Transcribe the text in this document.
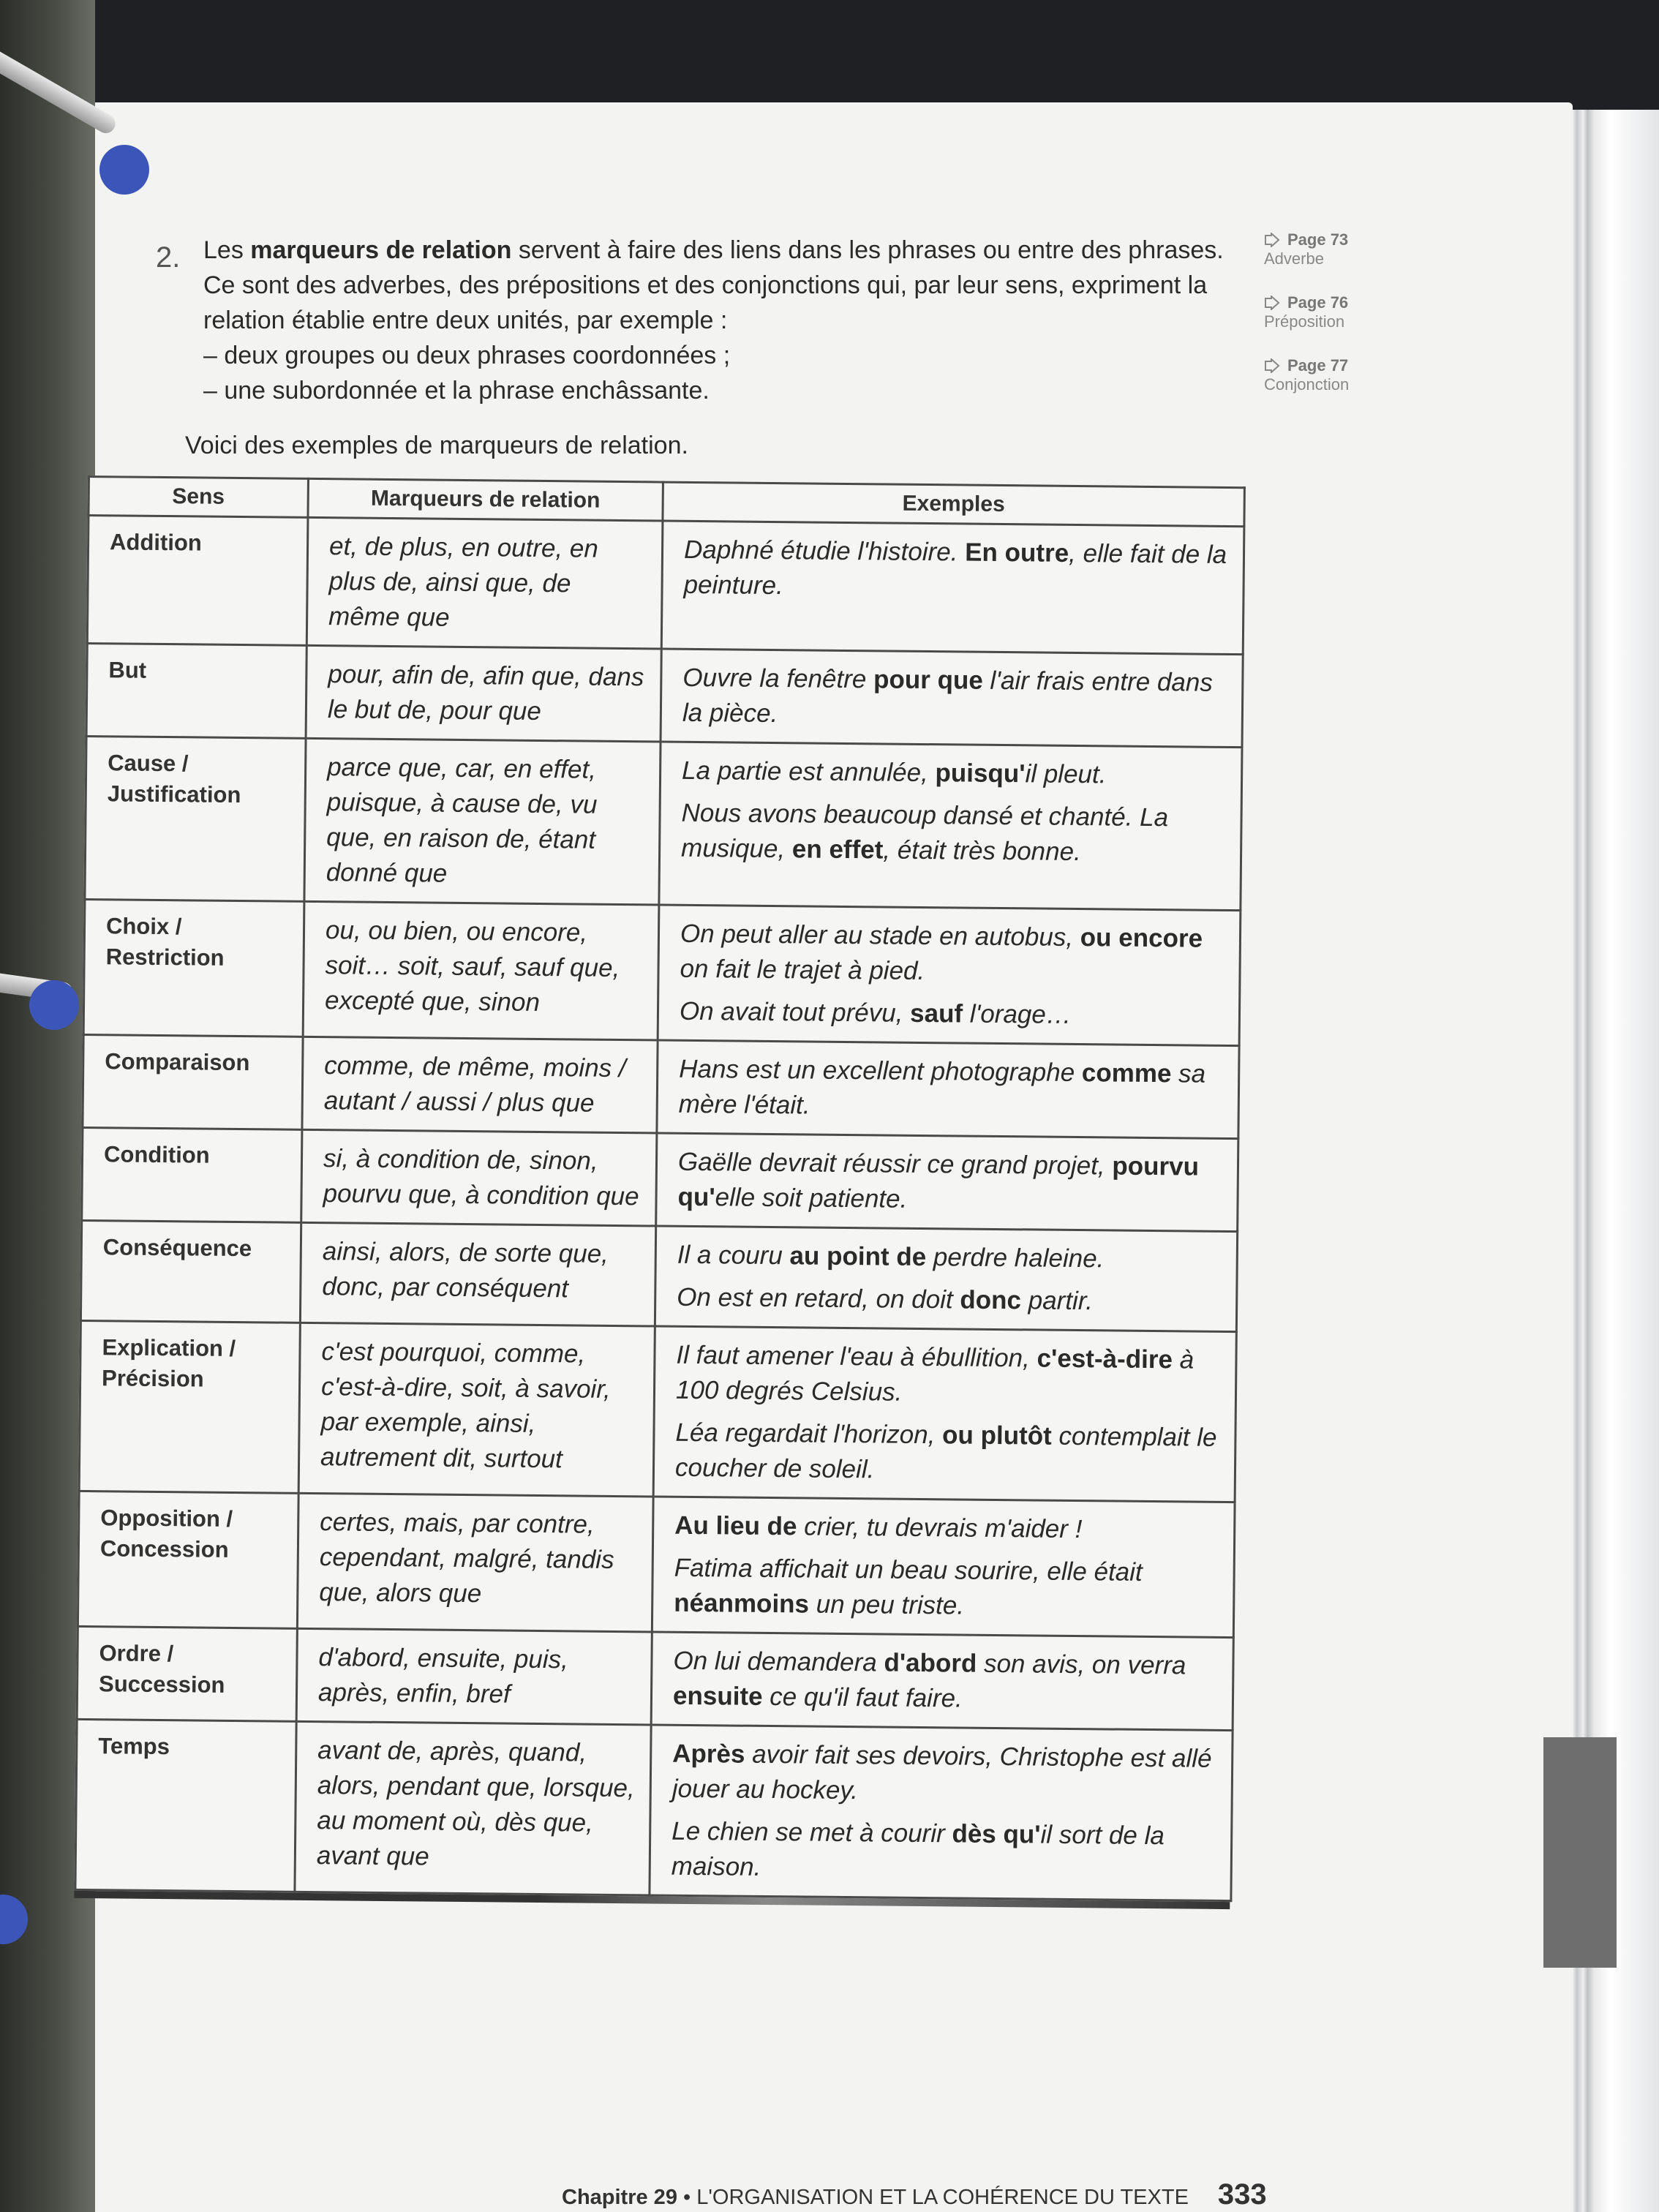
2. Les marqueurs de relation servent à faire des liens dans les phrases ou entre des phrases. Ce sont des adverbes, des prépositions et des conjonctions qui, par leur sens, expriment la relation établie entre deux unités, par exemple :

– deux groupes ou deux phrases coordonnées ;

– une subordonnée et la phrase enchâssante.

Voici des exemples de marqueurs de relation.
Page 73
Adverbe
Page 76
Préposition
Page 77
Conjonction
Sens	Marqueurs de relation	Exemples
Addition	et, de plus, en outre, en plus de, ainsi que, de même que	Daphné étudie l'histoire. En outre, elle fait de la peinture.

But	pour, afin de, afin que, dans le but de, pour que	Ouvre la fenêtre pour que l'air frais entre dans la pièce.

Cause / Justification	parce que, car, en effet, puisque, à cause de, vu que, en raison de, étant donné que	La partie est annulée, puisqu'il pleut.
Nous avons beaucoup dansé et chanté. La musique, en effet, était très bonne.

Choix / Restriction	ou, ou bien, ou encore, soit… soit, sauf, sauf que, excepté que, sinon	On peut aller au stade en autobus, ou encore on fait le trajet à pied.
On avait tout prévu, sauf l'orage…

Comparaison	comme, de même, moins / autant / aussi / plus que	Hans est un excellent photographe comme sa mère l'était.

Condition	si, à condition de, sinon, pourvu que, à condition que	Gaëlle devrait réussir ce grand projet, pourvu qu'elle soit patiente.

Conséquence	ainsi, alors, de sorte que, donc, par conséquent	Il a couru au point de perdre haleine.
On est en retard, on doit donc partir.

Explication / Précision	c'est pourquoi, comme, c'est-à-dire, soit, à savoir, par exemple, ainsi, autrement dit, surtout	Il faut amener l'eau à ébullition, c'est-à-dire à 100 degrés Celsius.
Léa regardait l'horizon, ou plutôt contemplait le coucher de soleil.

Opposition / Concession	certes, mais, par contre, cependant, malgré, tandis que, alors que	Au lieu de crier, tu devrais m'aider !
Fatima affichait un beau sourire, elle était néanmoins un peu triste.

Ordre / Succession	d'abord, ensuite, puis, après, enfin, bref	On lui demandera d'abord son avis, on verra ensuite ce qu'il faut faire.

Temps	avant de, après, quand, alors, pendant que, lorsque, au moment où, dès que, avant que	Après avoir fait ses devoirs, Christophe est allé jouer au hockey.
Le chien se met à courir dès qu'il sort de la maison.
Chapitre 29 • L'ORGANISATION ET LA COHÉRENCE DU TEXTE 333
